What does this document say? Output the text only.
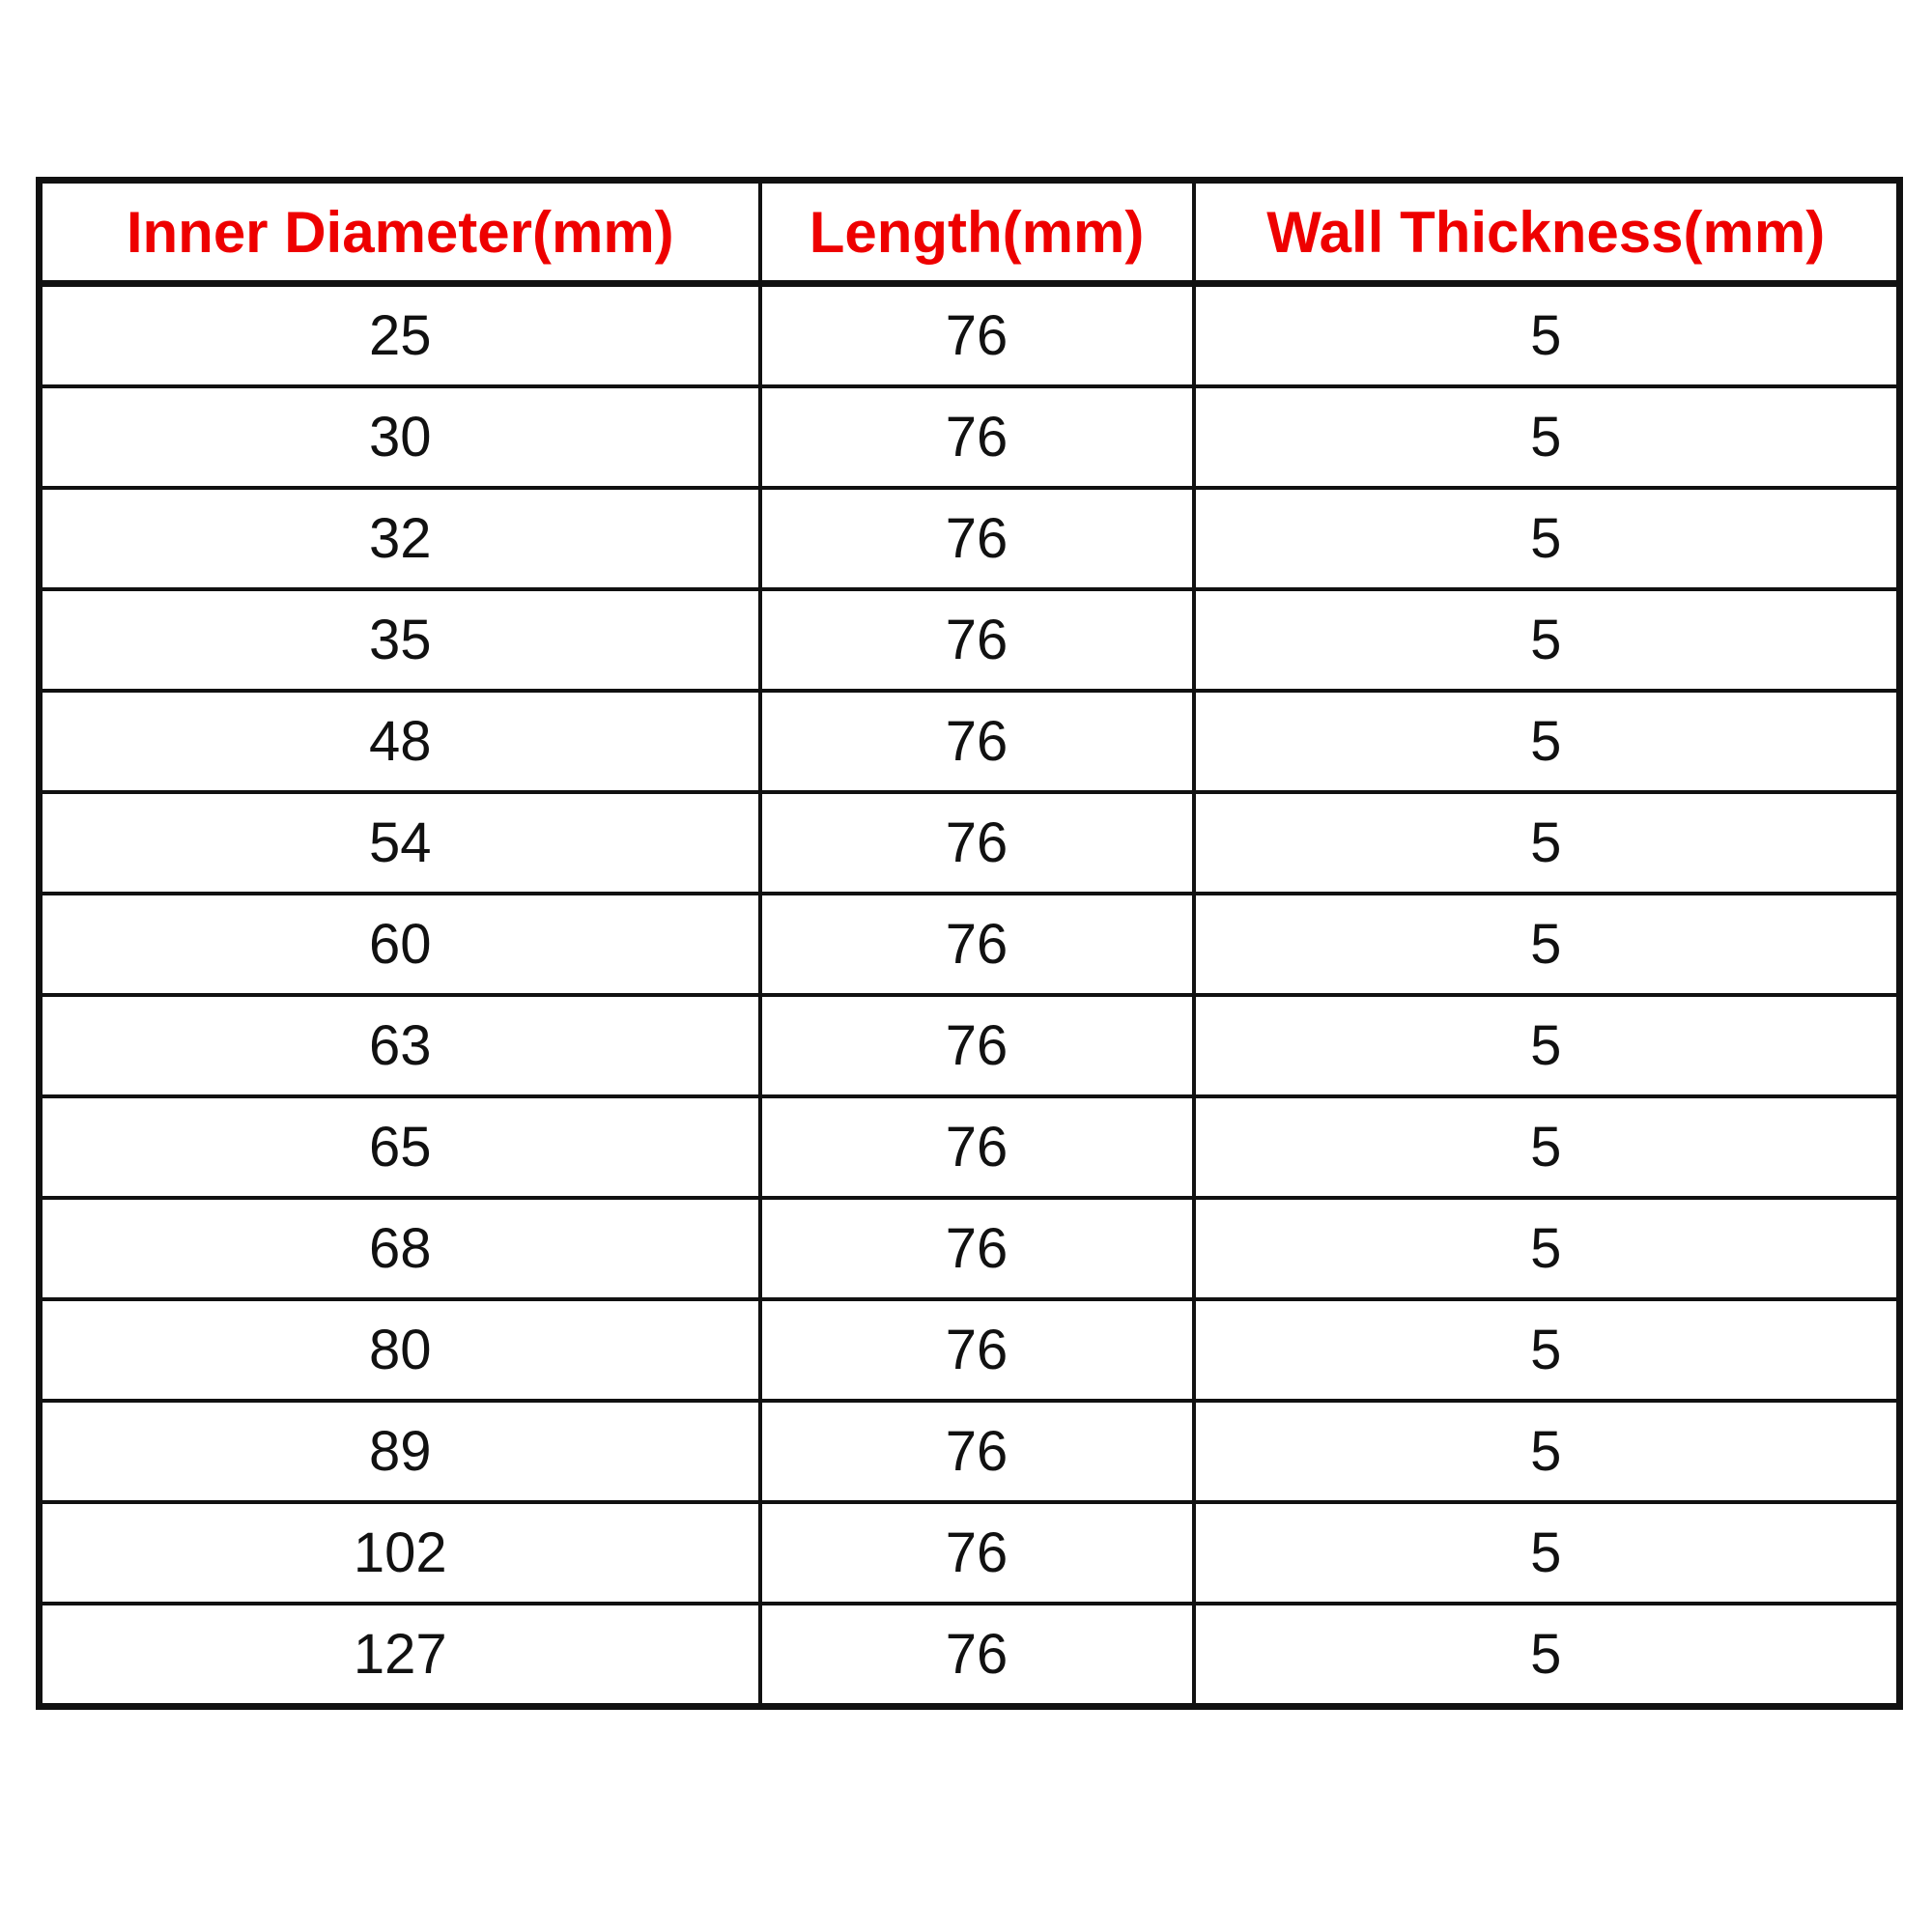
Inner Diameter(mm)	Length(mm)	Wall Thickness(mm)
25	76	5
30	76	5
32	76	5
35	76	5
48	76	5
54	76	5
60	76	5
63	76	5
65	76	5
68	76	5
80	76	5
89	76	5
102	76	5
127	76	5
